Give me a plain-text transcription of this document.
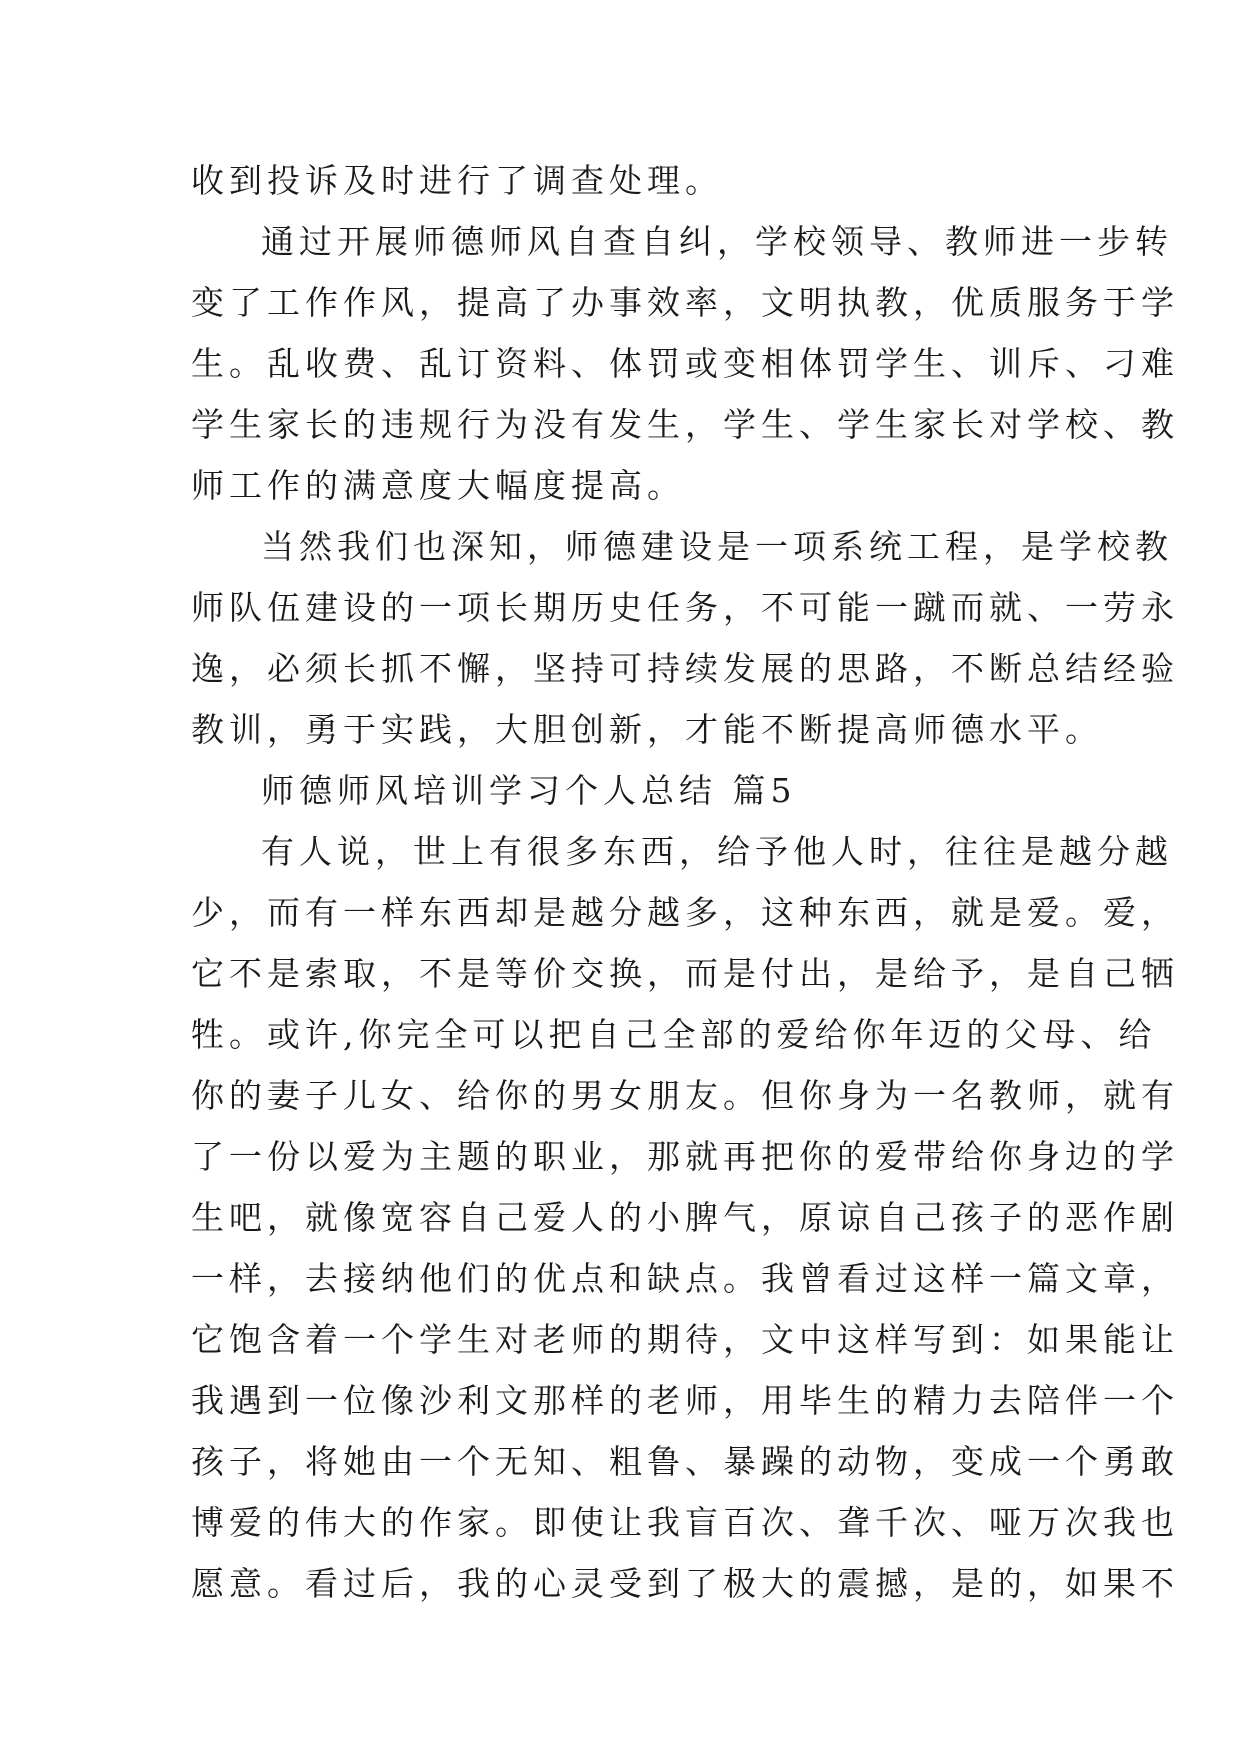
收到投诉及时进行了调查处理。
通过开展师德师风自查自纠，学校领导、教师进一步转
变了工作作风，提高了办事效率，文明执教，优质服务于学
生。乱收费、乱订资料、体罚或变相体罚学生、训斥、刁难
学生家长的违规行为没有发生，学生、学生家长对学校、教
师工作的满意度大幅度提高。
当然我们也深知，师德建设是一项系统工程，是学校教
师队伍建设的一项长期历史任务，不可能一蹴而就、一劳永
逸，必须长抓不懈，坚持可持续发展的思路，不断总结经验
教训，勇于实践，大胆创新，才能不断提高师德水平。
师德师风培训学习个人总结 篇5
有人说，世上有很多东西，给予他人时，往往是越分越
少，而有一样东西却是越分越多，这种东西，就是爱。爱，
它不是索取，不是等价交换，而是付出，是给予，是自己牺
牲。或许,你完全可以把自己全部的爱给你年迈的父母、给
你的妻子儿女、给你的男女朋友。但你身为一名教师，就有
了一份以爱为主题的职业，那就再把你的爱带给你身边的学
生吧，就像宽容自己爱人的小脾气，原谅自己孩子的恶作剧
一样，去接纳他们的优点和缺点。我曾看过这样一篇文章，
它饱含着一个学生对老师的期待，文中这样写到：如果能让
我遇到一位像沙利文那样的老师，用毕生的精力去陪伴一个
孩子，将她由一个无知、粗鲁、暴躁的动物，变成一个勇敢
博爱的伟大的作家。即使让我盲百次、聋千次、哑万次我也
愿意。看过后，我的心灵受到了极大的震撼，是的，如果不
